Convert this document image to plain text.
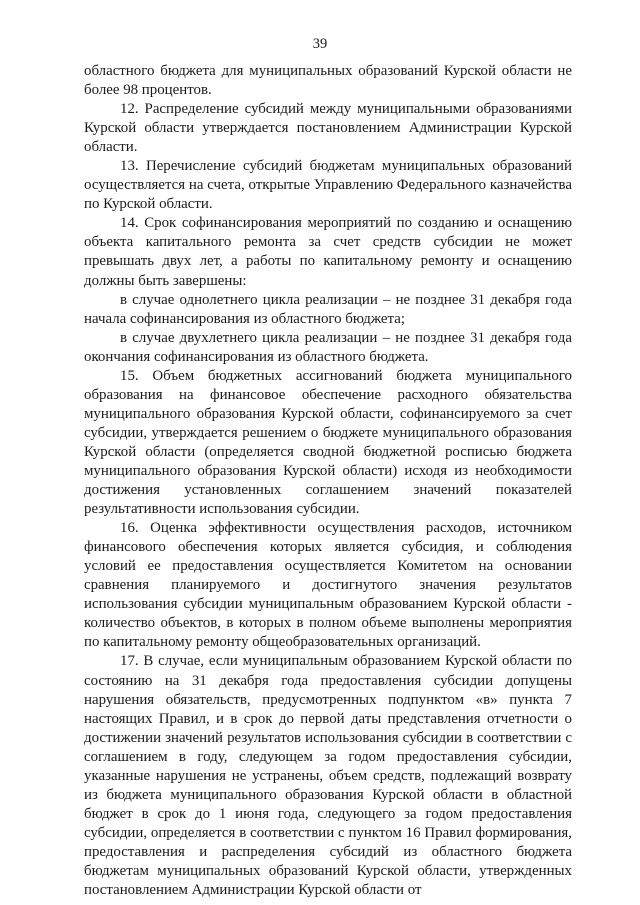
39

областного бюджета для муниципальных образований Курской области не более 98 процентов.

12. Распределение субсидий между муниципальными образованиями Курской области утверждается постановлением Администрации Курской области.

13. Перечисление субсидий бюджетам муниципальных образований осуществляется на счета, открытые Управлению Федерального казначейства по Курской области.

14. Срок софинансирования мероприятий по созданию и оснащению объекта капитального ремонта за счет средств субсидии не может превышать двух лет, а работы по капитальному ремонту и оснащению должны быть завершены:

в случае однолетнего цикла реализации – не позднее 31 декабря года начала софинансирования из областного бюджета;

в случае двухлетнего цикла реализации – не позднее 31 декабря года окончания софинансирования из областного бюджета.

15. Объем бюджетных ассигнований бюджета муниципального образования на финансовое обеспечение расходного обязательства муниципального образования Курской области, софинансируемого за счет субсидии, утверждается решением о бюджете муниципального образования Курской области (определяется сводной бюджетной росписью бюджета муниципального образования Курской области) исходя из необходимости достижения установленных соглашением значений показателей результативности использования субсидии.

16. Оценка эффективности осуществления расходов, источником финансового обеспечения которых является субсидия, и соблюдения условий ее предоставления осуществляется Комитетом на основании сравнения планируемого и достигнутого значения результатов использования субсидии муниципальным образованием Курской области - количество объектов, в которых в полном объеме выполнены мероприятия по капитальному ремонту общеобразовательных организаций.

17. В случае, если муниципальным образованием Курской области по состоянию на 31 декабря года предоставления субсидии допущены нарушения обязательств, предусмотренных подпунктом «в» пункта 7 настоящих Правил, и в срок до первой даты представления отчетности о достижении значений результатов использования субсидии в соответствии с соглашением в году, следующем за годом предоставления субсидии, указанные нарушения не устранены, объем средств, подлежащий возврату из бюджета муниципального образования Курской области в областной бюджет в срок до 1 июня года, следующего за годом предоставления субсидии, определяется в соответствии с пунктом 16 Правил формирования, предоставления и распределения субсидий из областного бюджета бюджетам муниципальных образований Курской области, утвержденных постановлением Администрации Курской области от
